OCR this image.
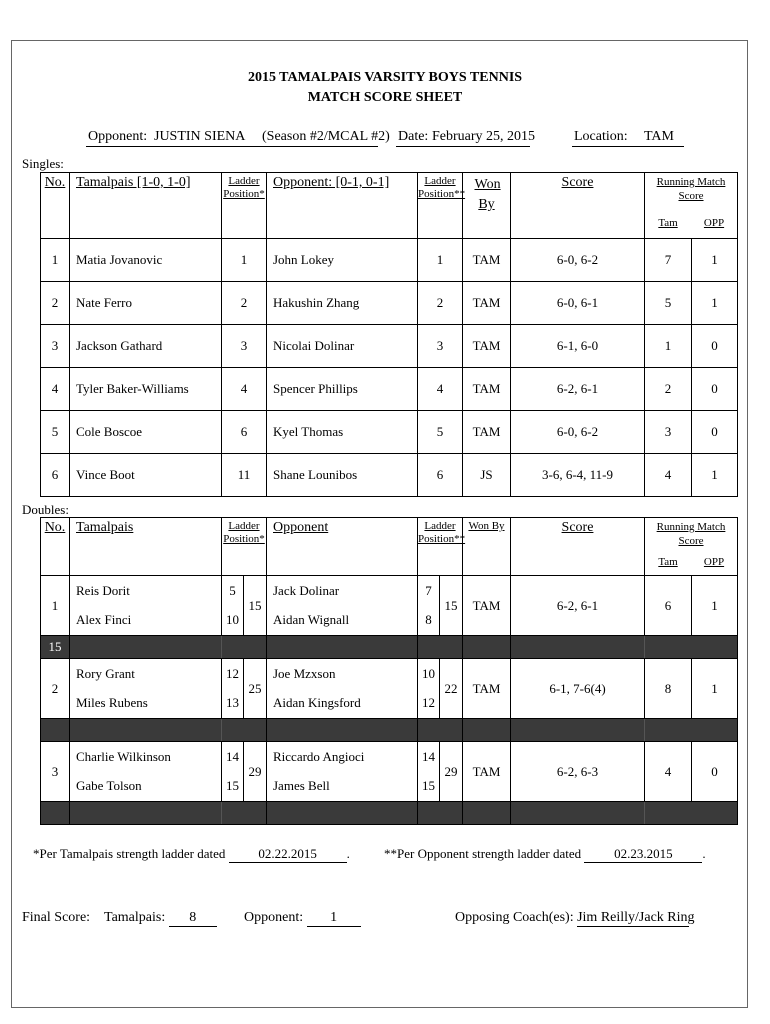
2015 TAMALPAIS VARSITY BOYS TENNIS
MATCH SCORE SHEET
Opponent: JUSTIN SIENA (Season #2/MCAL #2) Date: February 25, 2015	Location: TAM
Singles:
No.	Tamalpais [1-0, 1-0]	Ladder Position*	Opponent: [0-1, 0-1]	Ladder Position**	Won By	Score	Running Match Score
Tam OPP	

1	Matia Jovanovic	1	John Lokey	1	TAM	6-0, 6-2	7	1
2	Nate Ferro	2	Hakushin Zhang	2	TAM	6-0, 6-1	5	1
3	Jackson Gathard	3	Nicolai Dolinar	3	TAM	6-1, 6-0	1	0
4	Tyler Baker-Williams	4	Spencer Phillips	4	TAM	6-2, 6-1	2	0
5	Cole Boscoe	6	Kyel Thomas	5	TAM	6-0, 6-2	3	0
6	Vince Boot	11	Shane Lounibos	6	JS	3-6, 6-4, 11-9	4	1
Doubles:
No.	Tamalpais	Ladder Position*		Opponent	Ladder Position**		Won By	Score	Running Match Score
Tam OPP	

1	Reis Dorit	5	15	Jack Dolinar	7	15	TAM	6-2, 6-1	6	1
	Alex Finci	10		Aidan Wignall	8					
15										
2	Rory Grant	12	25	Joe Mzxson	10	22	TAM	6-1, 7-6(4)	8	1
	Miles Rubens	13		Aidan Kingsford	12					

3	Charlie Wilkinson	14	29	Riccardo Angioci	14	29	TAM	6-2, 6-3	4	0
	Gabe Tolson	15		James Bell	15					

*Per Tamalpais strength ladder dated	02.22.2015 .	**Per Opponent strength ladder dated	02.23.2015 .
Final Score: Tamalpais: 8	Opponent: 1	Opposing Coach(es): Jim Reilly/Jack Ring
